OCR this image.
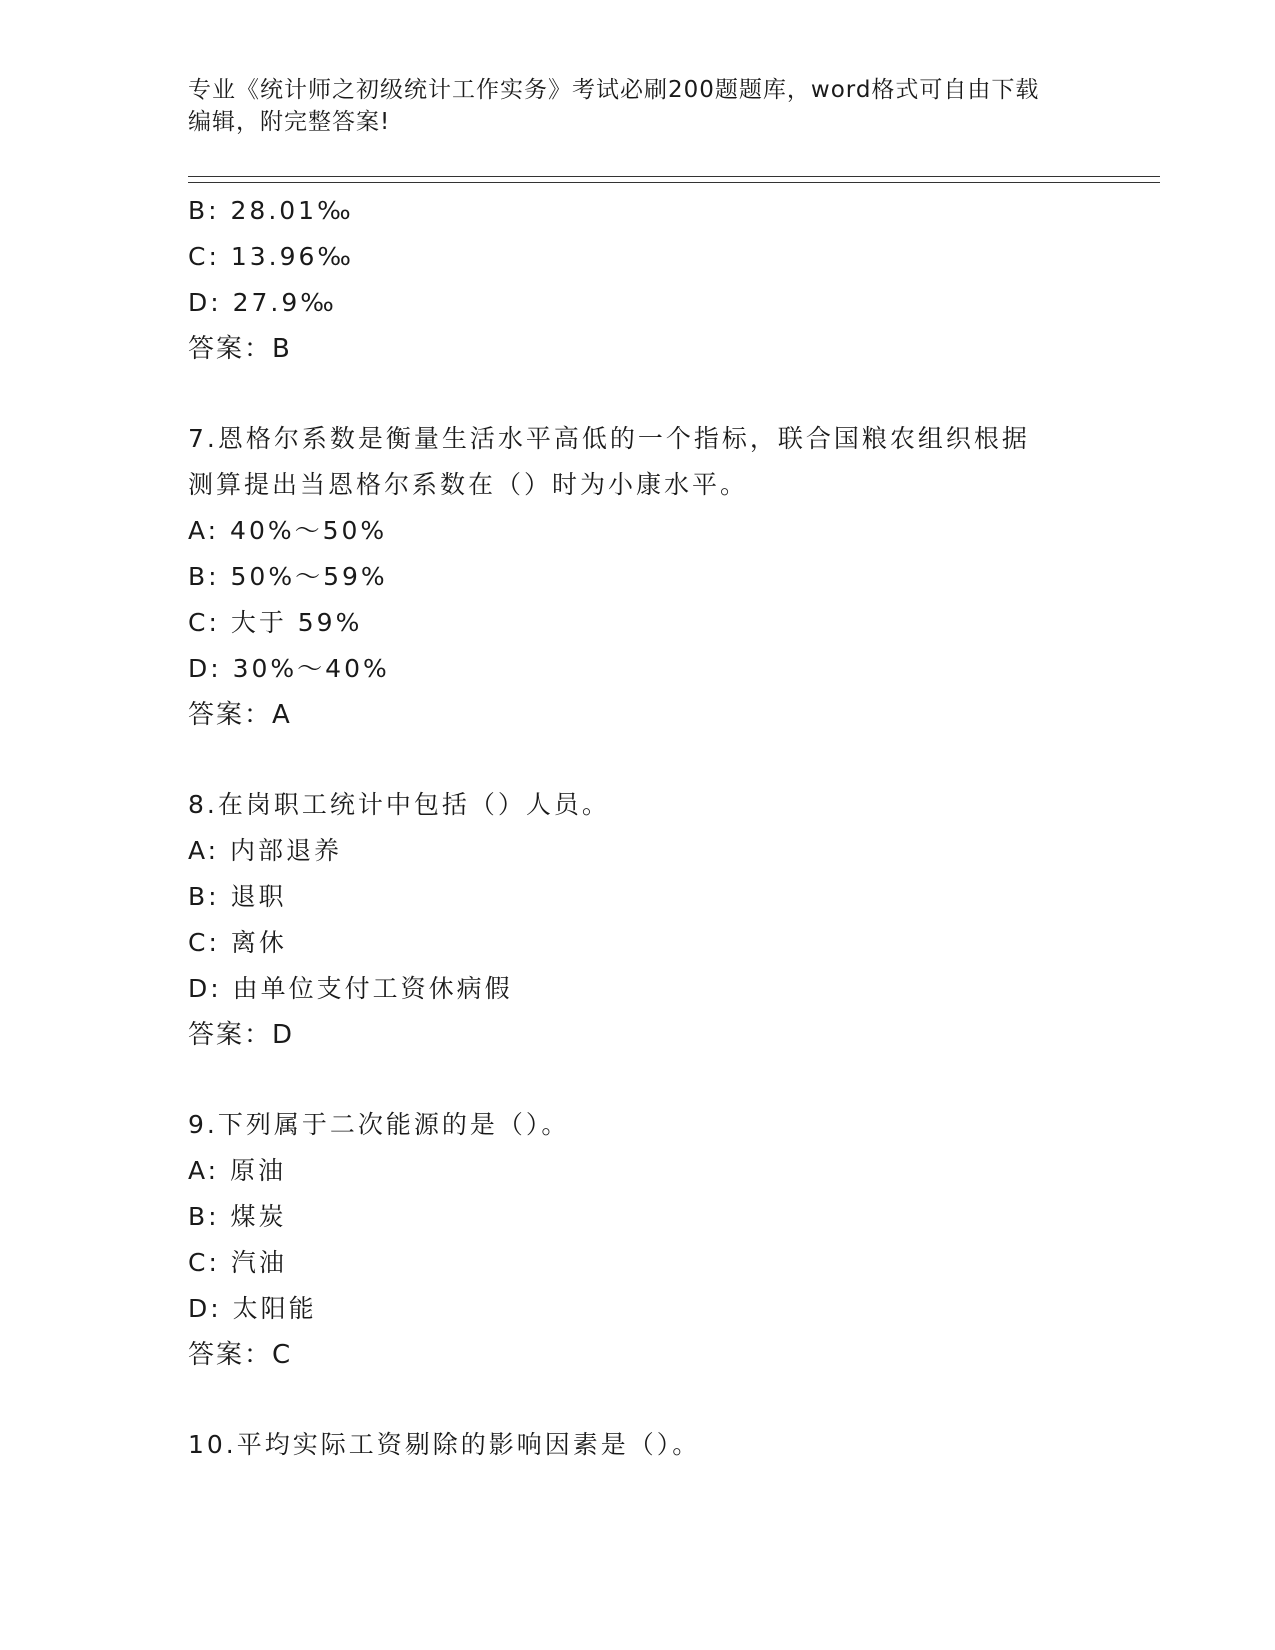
专业《统计师之初级统计工作实务》考试必刷200题题库，word格式可自由下载
编辑，附完整答案!
B: 28.01‰
C: 13.96‰
D: 27.9‰
答案：B
7.恩格尔系数是衡量生活水平高低的一个指标，联合国粮农组织根据
测算提出当恩格尔系数在（）时为小康水平。
A: 40%～50%
B: 50%～59%
C: 大于 59%
D: 30%～40%
答案：A
8.在岗职工统计中包括（）人员。
A: 内部退养
B: 退职
C: 离休
D: 由单位支付工资休病假
答案：D
9.下列属于二次能源的是（）。
A: 原油
B: 煤炭
C: 汽油
D: 太阳能
答案：C
10.平均实际工资剔除的影响因素是（）。
